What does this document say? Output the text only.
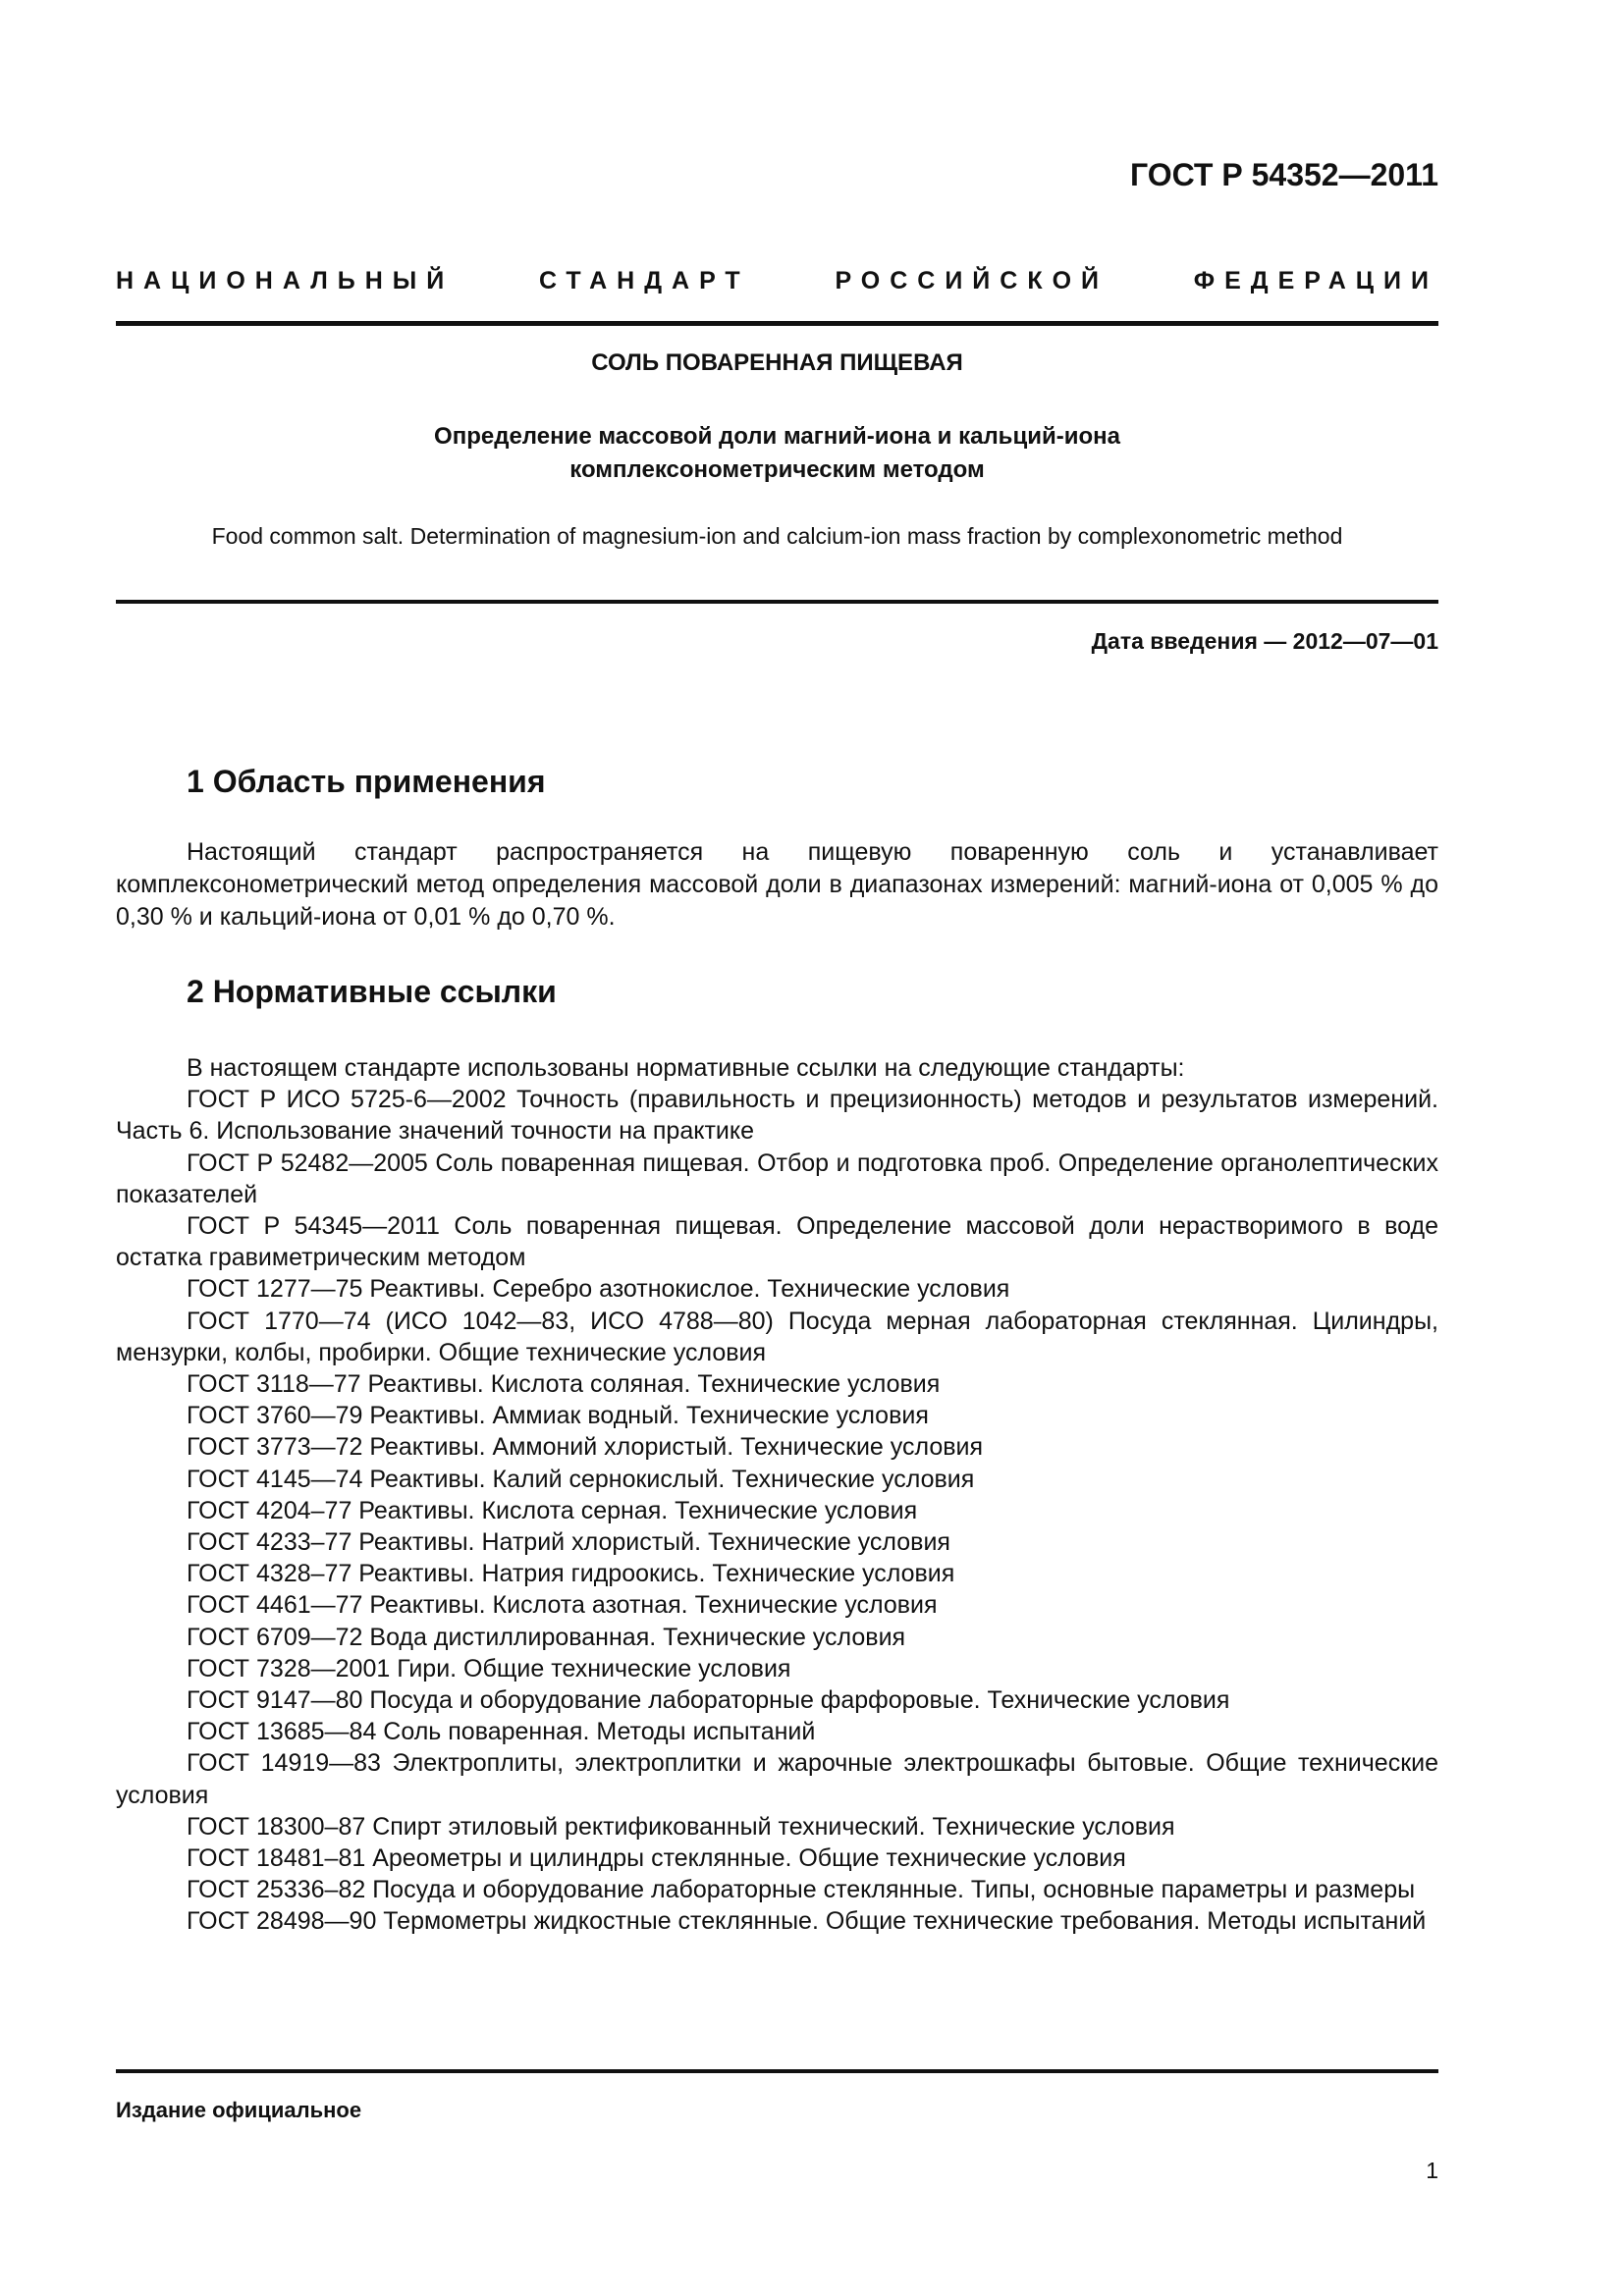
ГОСТ Р 54352—2011
НАЦИОНАЛЬНЫЙ	СТАНДАРТ	РОССИЙСКОЙ	ФЕДЕРАЦИИ
СОЛЬ ПОВАРЕННАЯ ПИЩЕВАЯ
Определение массовой доли магний-иона и кальций-иона
комплексонометрическим методом
Food common salt. Determination of magnesium-ion and calcium-ion mass fraction by complexonometric method
Дата введения — 2012—07—01
1 Область применения

Настоящий стандарт распространяется на пищевую поваренную соль и устанавливает комплексонометрический метод определения массовой доли в диапазонах измерений: магний-иона от 0,005 % до 0,30 % и кальций-иона от 0,01 % до 0,70 %.

2 Нормативные ссылки

В настоящем стандарте использованы нормативные ссылки на следующие стандарты:

ГОСТ Р ИСО 5725-6—2002 Точность (правильность и прецизионность) методов и результатов измерений. Часть 6. Использование значений точности на практике

ГОСТ Р 52482—2005 Соль поваренная пищевая. Отбор и подготовка проб. Определение органолептических показателей

ГОСТ Р 54345—2011 Соль поваренная пищевая. Определение массовой доли нерастворимого в воде остатка гравиметрическим методом

ГОСТ 1277—75 Реактивы. Серебро азотнокислое. Технические условия

ГОСТ 1770—74 (ИСО 1042—83, ИСО 4788—80) Посуда мерная лабораторная стеклянная. Цилиндры, мензурки, колбы, пробирки. Общие технические условия

ГОСТ 3118—77 Реактивы. Кислота соляная. Технические условия

ГОСТ 3760—79 Реактивы. Аммиак водный. Технические условия

ГОСТ 3773—72 Реактивы. Аммоний хлористый. Технические условия

ГОСТ 4145—74 Реактивы. Калий сернокислый. Технические условия

ГОСТ 4204–77 Реактивы. Кислота серная. Технические условия

ГОСТ 4233–77 Реактивы. Натрий хлористый. Технические условия

ГОСТ 4328–77 Реактивы. Натрия гидроокись. Технические условия

ГОСТ 4461—77 Реактивы. Кислота азотная. Технические условия

ГОСТ 6709—72 Вода дистиллированная. Технические условия

ГОСТ 7328—2001 Гири. Общие технические условия

ГОСТ 9147—80 Посуда и оборудование лабораторные фарфоровые. Технические условия

ГОСТ 13685—84 Соль поваренная. Методы испытаний

ГОСТ 14919—83 Электроплиты, электроплитки и жарочные электрошкафы бытовые. Общие технические условия

ГОСТ 18300–87 Спирт этиловый ректификованный технический. Технические условия

ГОСТ 18481–81 Ареометры и цилиндры стеклянные. Общие технические условия

ГОСТ 25336–82 Посуда и оборудование лабораторные стеклянные. Типы, основные параметры и размеры

ГОСТ 28498—90 Термометры жидкостные стеклянные. Общие технические требования. Методы испытаний

Издание официальное
1
